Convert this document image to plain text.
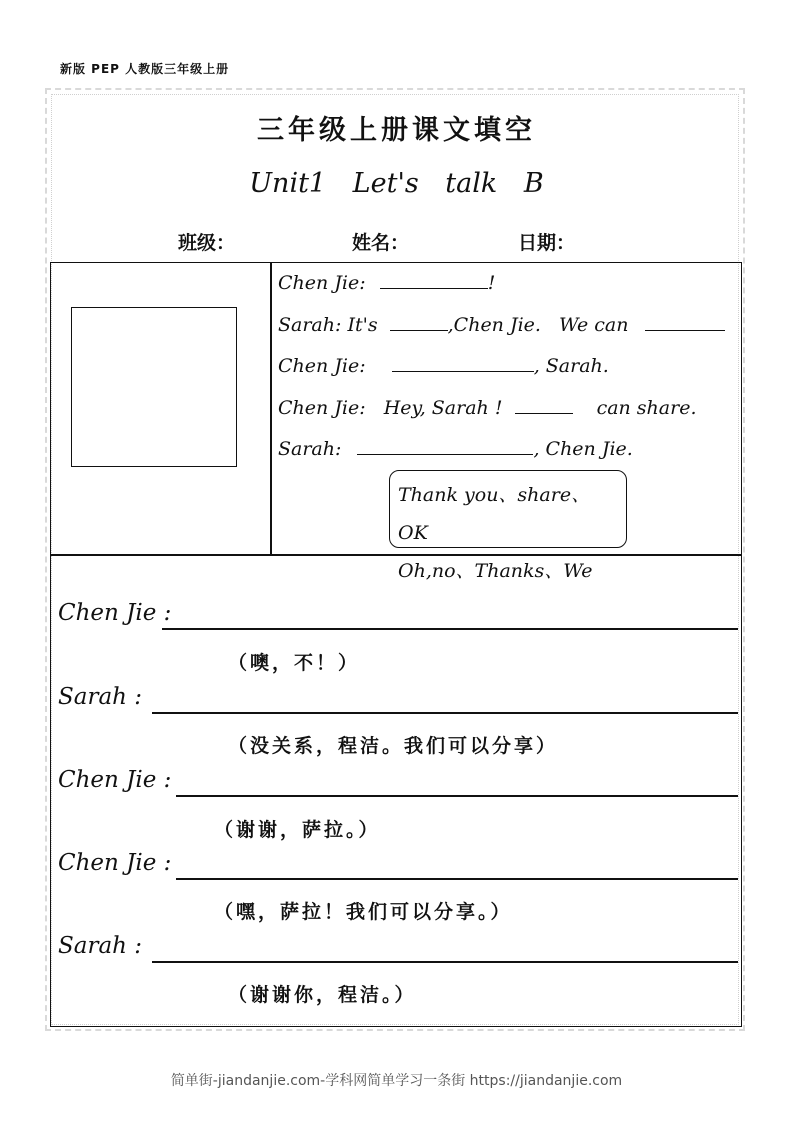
新版 PEP 人教版三年级上册
三年级上册课文填空
Unit1 Let's talk B
班级：	姓名：	日期：
Chen Jie:	!
Sarah: It's	,Chen Jie. We can
Chen Jie:	, Sarah.
Chen Jie: Hey, Sarah !	can share.
Sarah:	, Chen Jie.
Thank you、share、OK
Oh,no、Thanks、We
Chen Jie :
（噢，不！）
Sarah :
（没关系，程洁。我们可以分享）
Chen Jie :
（谢谢，萨拉。）
Chen Jie :
（嘿，萨拉！我们可以分享。）
Sarah :
（谢谢你，程洁。）
简单街-jiandanjie.com-学科网简单学习一条街 https://jiandanjie.com
